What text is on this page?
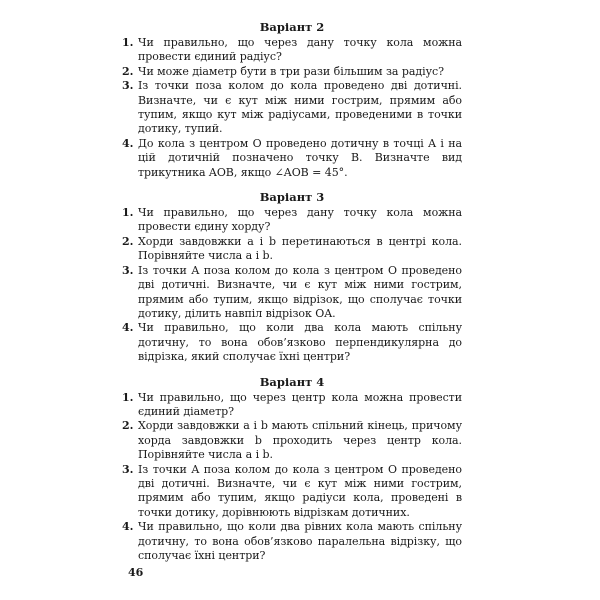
Варіант 2
1. Чи правильно, що через дану точку кола можна провести єдиний радіус?
2. Чи може діаметр бути в три рази більшим за радіус?
3. Із точки поза колом до кола проведено дві дотичні. Визначте, чи є кут між ними гострим, прямим або тупим, якщо кут між радіусами, проведеними в точки дотику, тупий.
4. До кола з центром O проведено дотичну в точці A і на цій дотичній позначено точку B. Визначте вид трикутника AOB, якщо ∠AOB = 45°.
Варіант 3
1. Чи правильно, що через дану точку кола можна провести єдину хорду?
2. Хорди завдовжки a і b перетинаються в центрі кола. Порівняйте числа a і b.
3. Із точки A поза колом до кола з центром O проведено дві дотичні. Визначте, чи є кут між ними гострим, прямим або тупим, якщо відрізок, що сполучає точки дотику, ділить навпіл відрізок OA.
4. Чи правильно, що коли два кола мають спільну дотичну, то вона обов’язково перпендикулярна до відрізка, який сполучає їхні центри?
Варіант 4
1. Чи правильно, що через центр кола можна провести єдиний діаметр?
2. Хорди завдовжки a і b мають спільний кінець, причому хорда завдовжки b проходить через центр кола. Порівняйте числа a і b.
3. Із точки A поза колом до кола з центром O проведено дві дотичні. Визначте, чи є кут між ними гострим, прямим або тупим, якщо радіуси кола, проведені в точки дотику, дорівнюють відрізкам дотичних.
4. Чи правильно, що коли два рівних кола мають спільну дотичну, то вона обов’язково паралельна відрізку, що сполучає їхні центри?
46
